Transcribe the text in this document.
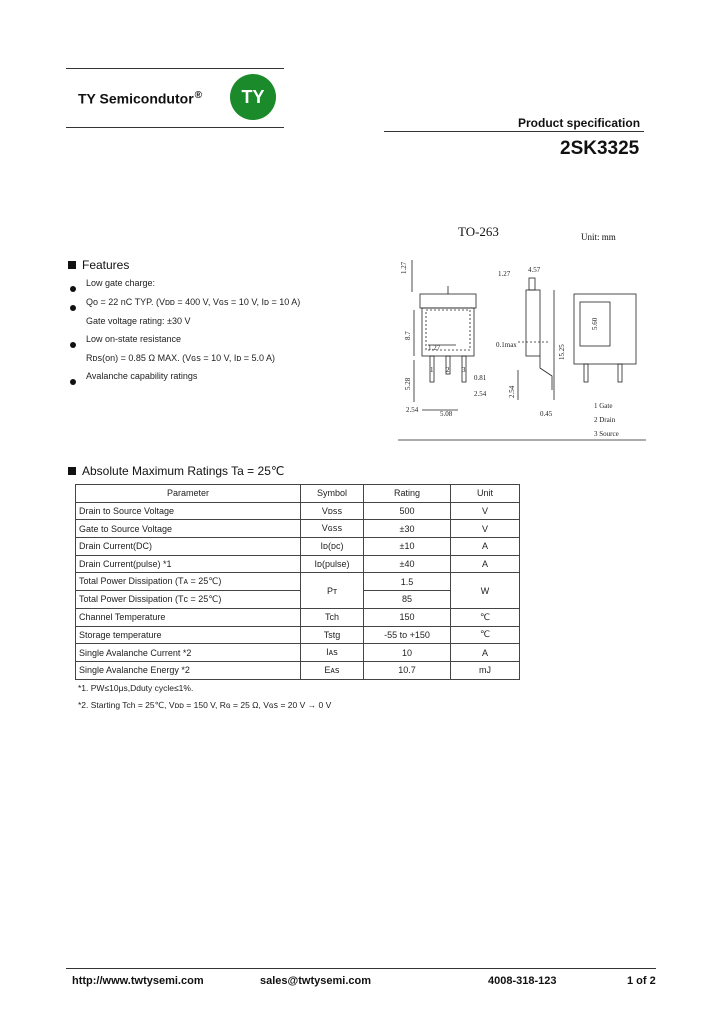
TY Semicondutor® TY
Product specification
2SK3325
TO-263	Unit: mm
Features
Low gate charge:
Qᴏ = 22 nC TYP. (Vᴅᴅ = 400 V, Vɢꜱ = 10 V, Iᴅ = 10 A)
Gate voltage rating: ±30 V
Low on-state resistance
Rᴅꜱ(on) = 0.85 Ω MAX. (Vɢꜱ = 10 V, Iᴅ = 5.0 A)
Avalanche capability ratings
1.27	1.27	4.57
8.7
1.27	0.1max	15.25
5.28	0.81
2.54	2.54
5.08	0.45
2.54
5.60
1 2 3
1 Gate
2 Drain
3 Source
Absolute Maximum Ratings Ta = 25℃
Parameter	Symbol	Rating	Unit
Drain to Source Voltage	Vᴅꜱꜱ	500	V
Gate to Source Voltage	Vɢꜱꜱ	±30	V
Drain Current(DC)	Iᴅ(ᴅᴄ)	±10	A
Drain Current(pulse) *1	Iᴅ(pulse)	±40	A
Total Power Dissipation (Tᴀ = 25℃)	Pᴛ	1.5	W
Total Power Dissipation (Tᴄ = 25℃)		85	
Channel Temperature	Tch	150	℃
Storage temperature	Tstg	-55 to +150	℃
Single Avalanche Current *2	Iᴀꜱ	10	A
Single Avalanche Energy *2	Eᴀꜱ	10.7	mJ
*1. PW≤10μs,Dduty cycle≤1%.
*2. Starting Tch = 25℃, Vᴅᴅ = 150 V, Rɢ = 25 Ω, Vɢꜱ = 20 V → 0 V
http://www.twtysemi.com	sales@twtysemi.com	4008-318-123	1 of 2
